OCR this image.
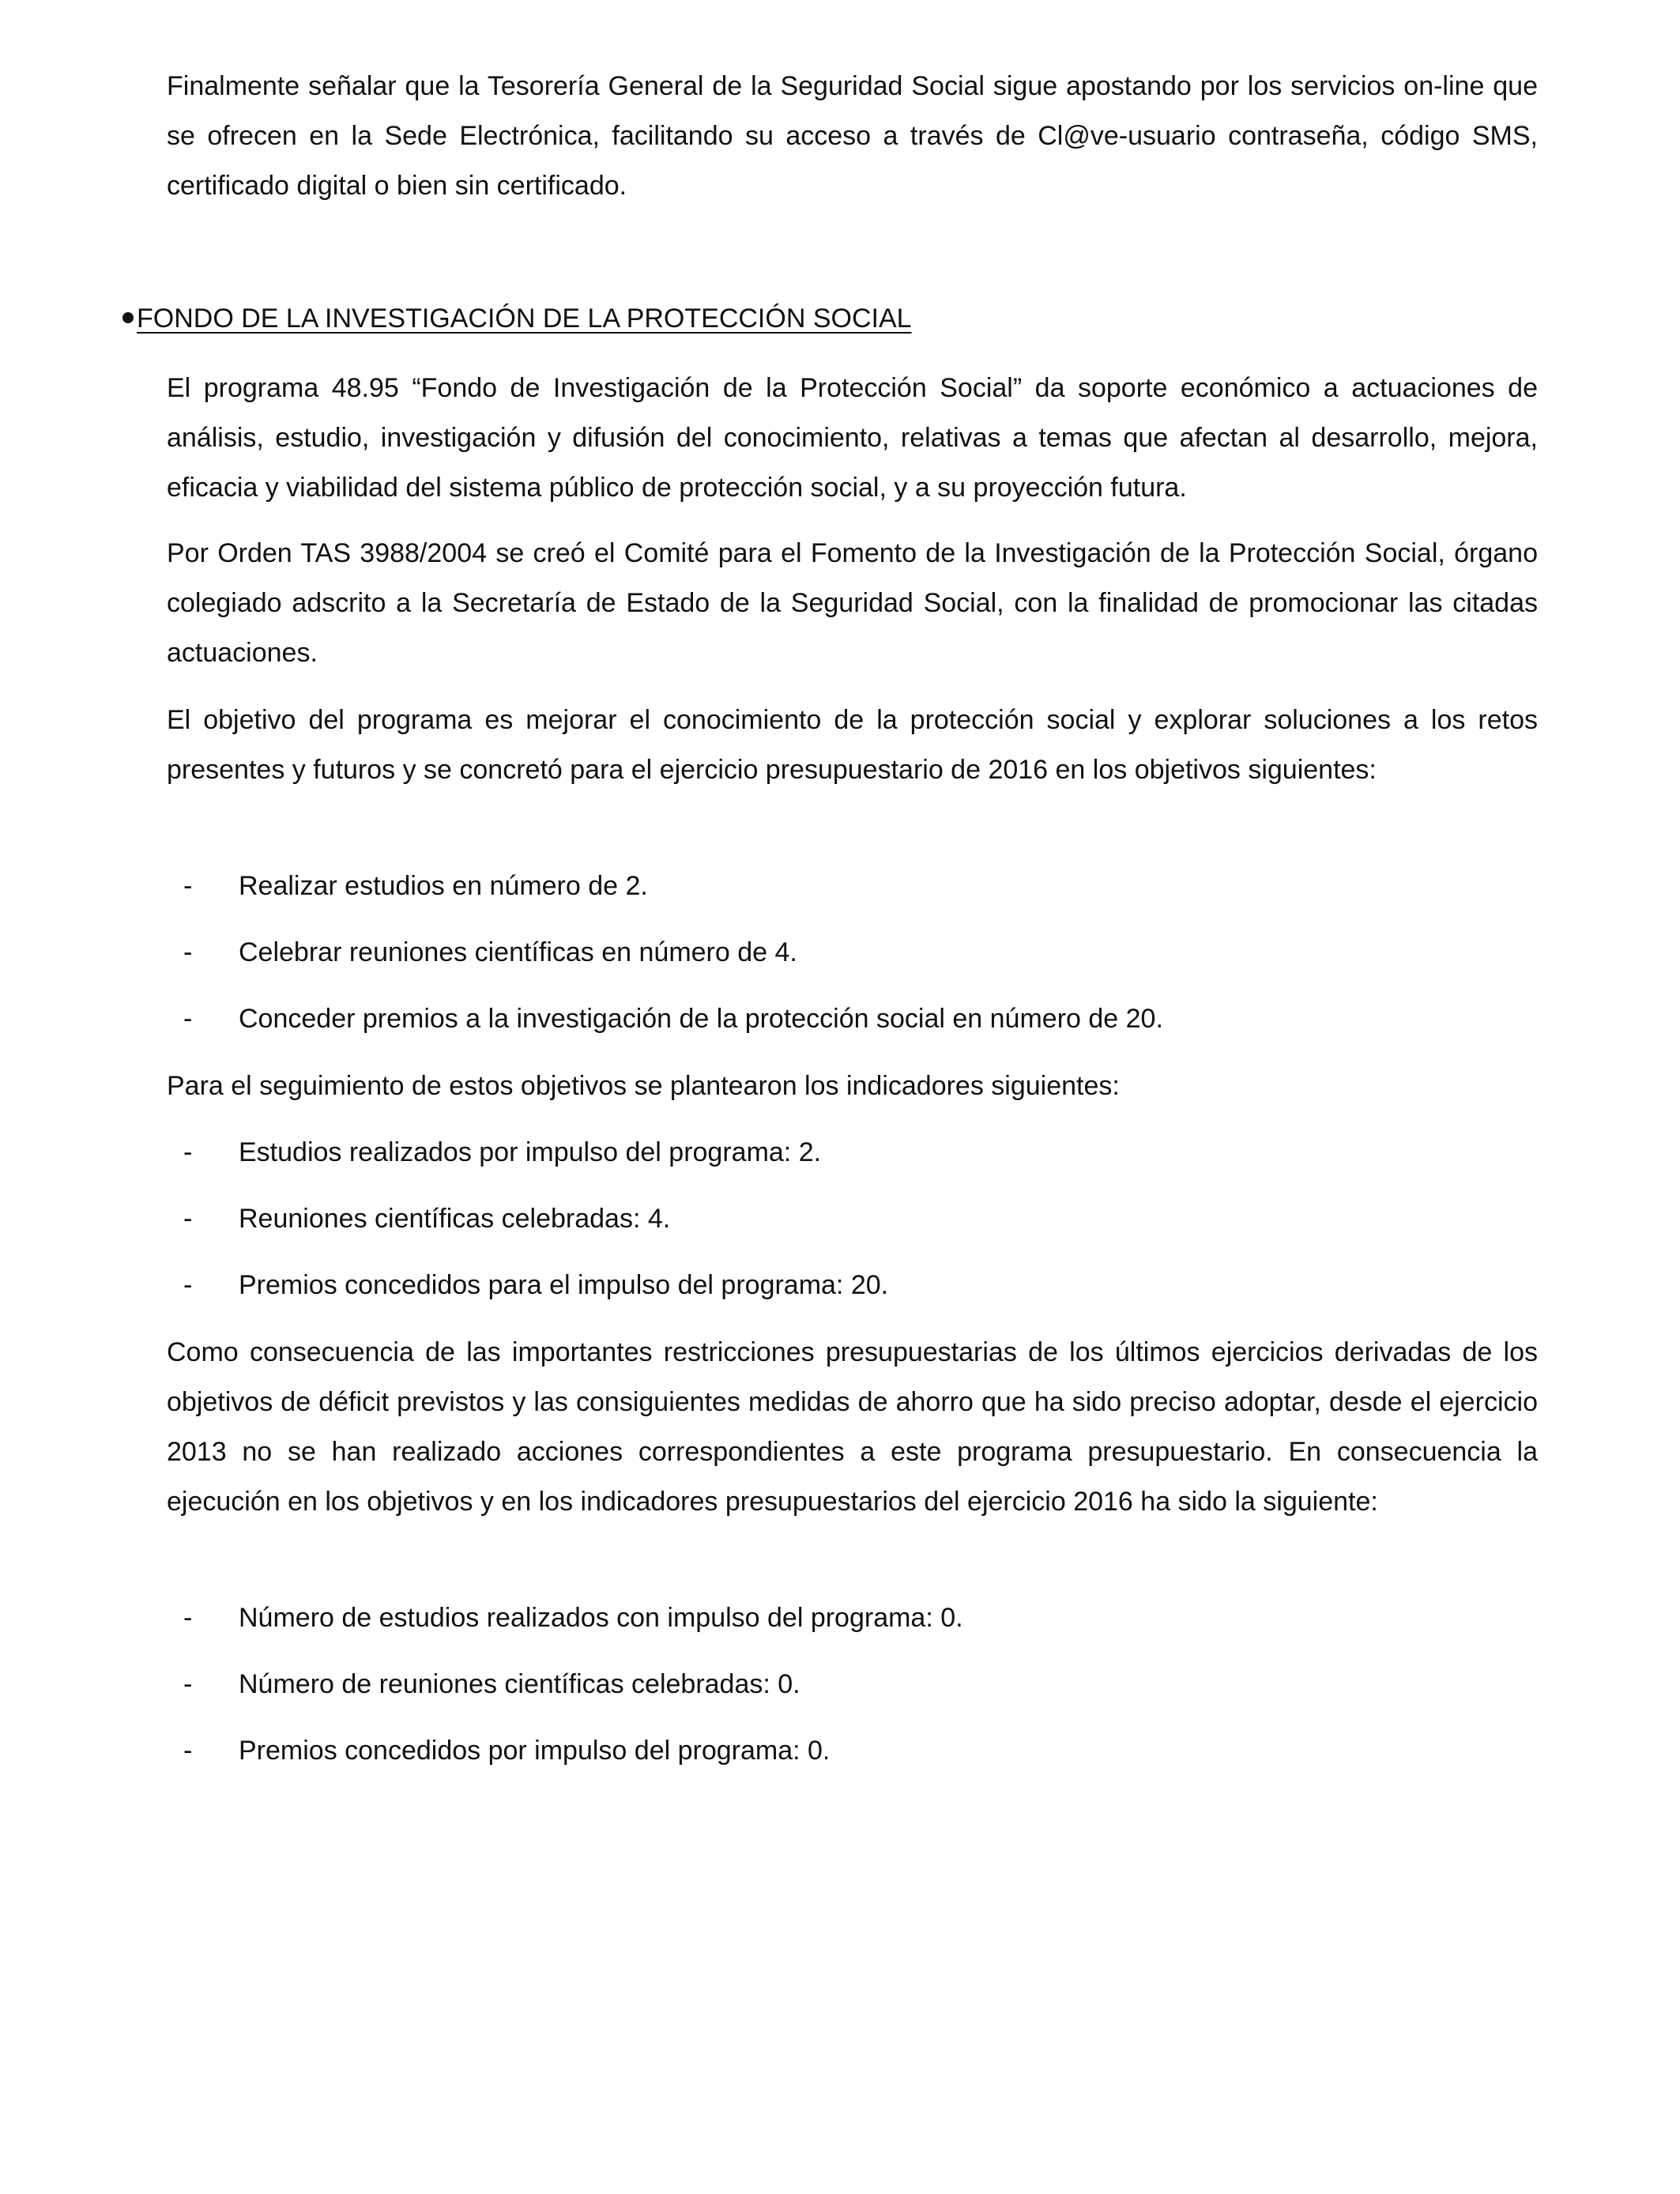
Finalmente señalar que la Tesorería General de la Seguridad Social sigue apostando por los servicios on-line que se ofrecen en la Sede Electrónica, facilitando su acceso a través de Cl@ve-usuario contraseña, código SMS, certificado digital o bien sin certificado.

FONDO DE LA INVESTIGACIÓN DE LA PROTECCIÓN SOCIAL

El programa 48.95 “Fondo de Investigación de la Protección Social” da soporte económico a actuaciones de análisis, estudio, investigación y difusión del conocimiento, relativas a temas que afectan al desarrollo, mejora, eficacia y viabilidad del sistema público de protección social, y a su proyección futura.

Por Orden TAS 3988/2004 se creó el Comité para el Fomento de la Investigación de la Protección Social, órgano colegiado adscrito a la Secretaría de Estado de la Seguridad Social, con la finalidad de promocionar las citadas actuaciones.

El objetivo del programa es mejorar el conocimiento de la protección social y explorar soluciones a los retos presentes y futuros y se concretó para el ejercicio presupuestario de 2016 en los objetivos siguientes:

- Realizar estudios en número de 2.
- Celebrar reuniones científicas en número de 4.
- Conceder premios a la investigación de la protección social en número de 20.

Para el seguimiento de estos objetivos se plantearon los indicadores siguientes:

- Estudios realizados por impulso del programa: 2.
- Reuniones científicas celebradas: 4.
- Premios concedidos para el impulso del programa: 20.

Como consecuencia de las importantes restricciones presupuestarias de los últimos ejercicios derivadas de los objetivos de déficit previstos y las consiguientes medidas de ahorro que ha sido preciso adoptar, desde el ejercicio 2013 no se han realizado acciones correspondientes a este programa presupuestario. En consecuencia la ejecución en los objetivos y en los indicadores presupuestarios del ejercicio 2016 ha sido la siguiente:

- Número de estudios realizados con impulso del programa: 0.
- Número de reuniones científicas celebradas: 0.
- Premios concedidos por impulso del programa: 0.
